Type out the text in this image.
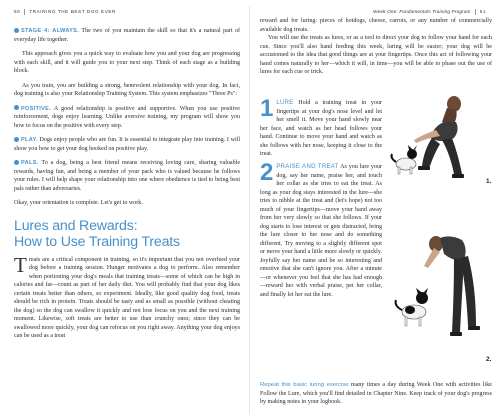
60 TRAINING THE BEST DOG EVER

STAGE 4: ALWAYS. The two of you maintain the skill so that it's a natural part of everyday life together.

This approach gives you a quick way to evaluate how you and your dog are progressing with each skill, and it will guide you to your next step. Think of each stage as a building block.

As you train, you are building a strong, benevolent relationship with your dog. In fact, dog training is also your Relationship Training System. This system emphasizes "Three Ps":

POSITIVE. A good relationship is positive and supportive. When you use positive reinforcement, dogs enjoy learning. Unlike aversive training, my program will show you how to focus on the positive with every step.

PLAY. Dogs enjoy people who are fun. It is essential to integrate play into training. I will show you how to get your dog hooked on positive play.

PALS. To a dog, being a best friend means receiving loving care, sharing valuable rewards, having fun, and being a member of your pack who is valued because he follows your rules. I will help shape your relationship into one where obedience is tied to being best pals rather than adversaries.

Okay, your orientation is complete. Let's get to work.

Lures and Rewards:
How to Use Training Treats

Treats are a critical component in training, so it's important that you not overfeed your dog before a training session. Hunger motivates a dog to perform. Also remember when portioning your dog's meals that training treats—some of which can be high in calories and fat—count as part of her daily diet. You will probably find that your dog likes certain treats better than others, so experiment. Ideally, like good quality dog food, treats should be rich in protein. Treats should be tasty and as small as possible (without cheating the dog) so the dog can swallow it quickly and not lose focus on you and the next training moment. Likewise, soft treats are better to use than crunchy ones; since they can be swallowed more quickly, your dog can refocus on you right away. Anything your dog enjoys can be used as a treat

Week One: Fundamentals Training Program 61

reward and for luring: pieces of hotdogs, cheese, carrots, or any number of commercially available dog treats.

You will use the treats as lures, or as a tool to direct your dog to follow your hand for each cue. Since you'll also hand feeding this week, luring will be easier; your dog will be accustomed to the idea that good things are at your fingertips. Once this act of following your hand comes naturally to her—which it will, in time—you will be able to phase out the use of lures for each cue or trick.

1 LURE Hold a training treat in your fingertips at your dog's nose level and let her smell it. Move your hand slowly near her face, and watch as her head follows your hand. Continue to move your hand and watch as she follows with her nose, keeping it close to the treat.
2 PRAISE AND TREAT As you lure your dog, say her name, praise her, and touch her collar as she tries to eat the treat. As long as your dog stays interested in the lure—she tries to nibble at the treat and (let's hope) not too much of your fingertips—move your hand away from her very slowly so that she follows. If your dog starts to lose interest or gets distracted, bring the lure closer to her nose and do something different. Try moving to a slightly different spot or move your hand a little more slowly or quickly. Joyfully say her name and be so interesting and emotive that she can't ignore you. After a minute—or whenever you feel that she has had enough—reward her with verbal praise, pet her collar, and finally let her eat the lure.
1.
2.
Repeat this basic luring exercise many times a day during Week One with activities like Follow the Lure, which you'll find detailed in Chapter Nine. Keep track of your dog's progress by making notes in your logbook.
